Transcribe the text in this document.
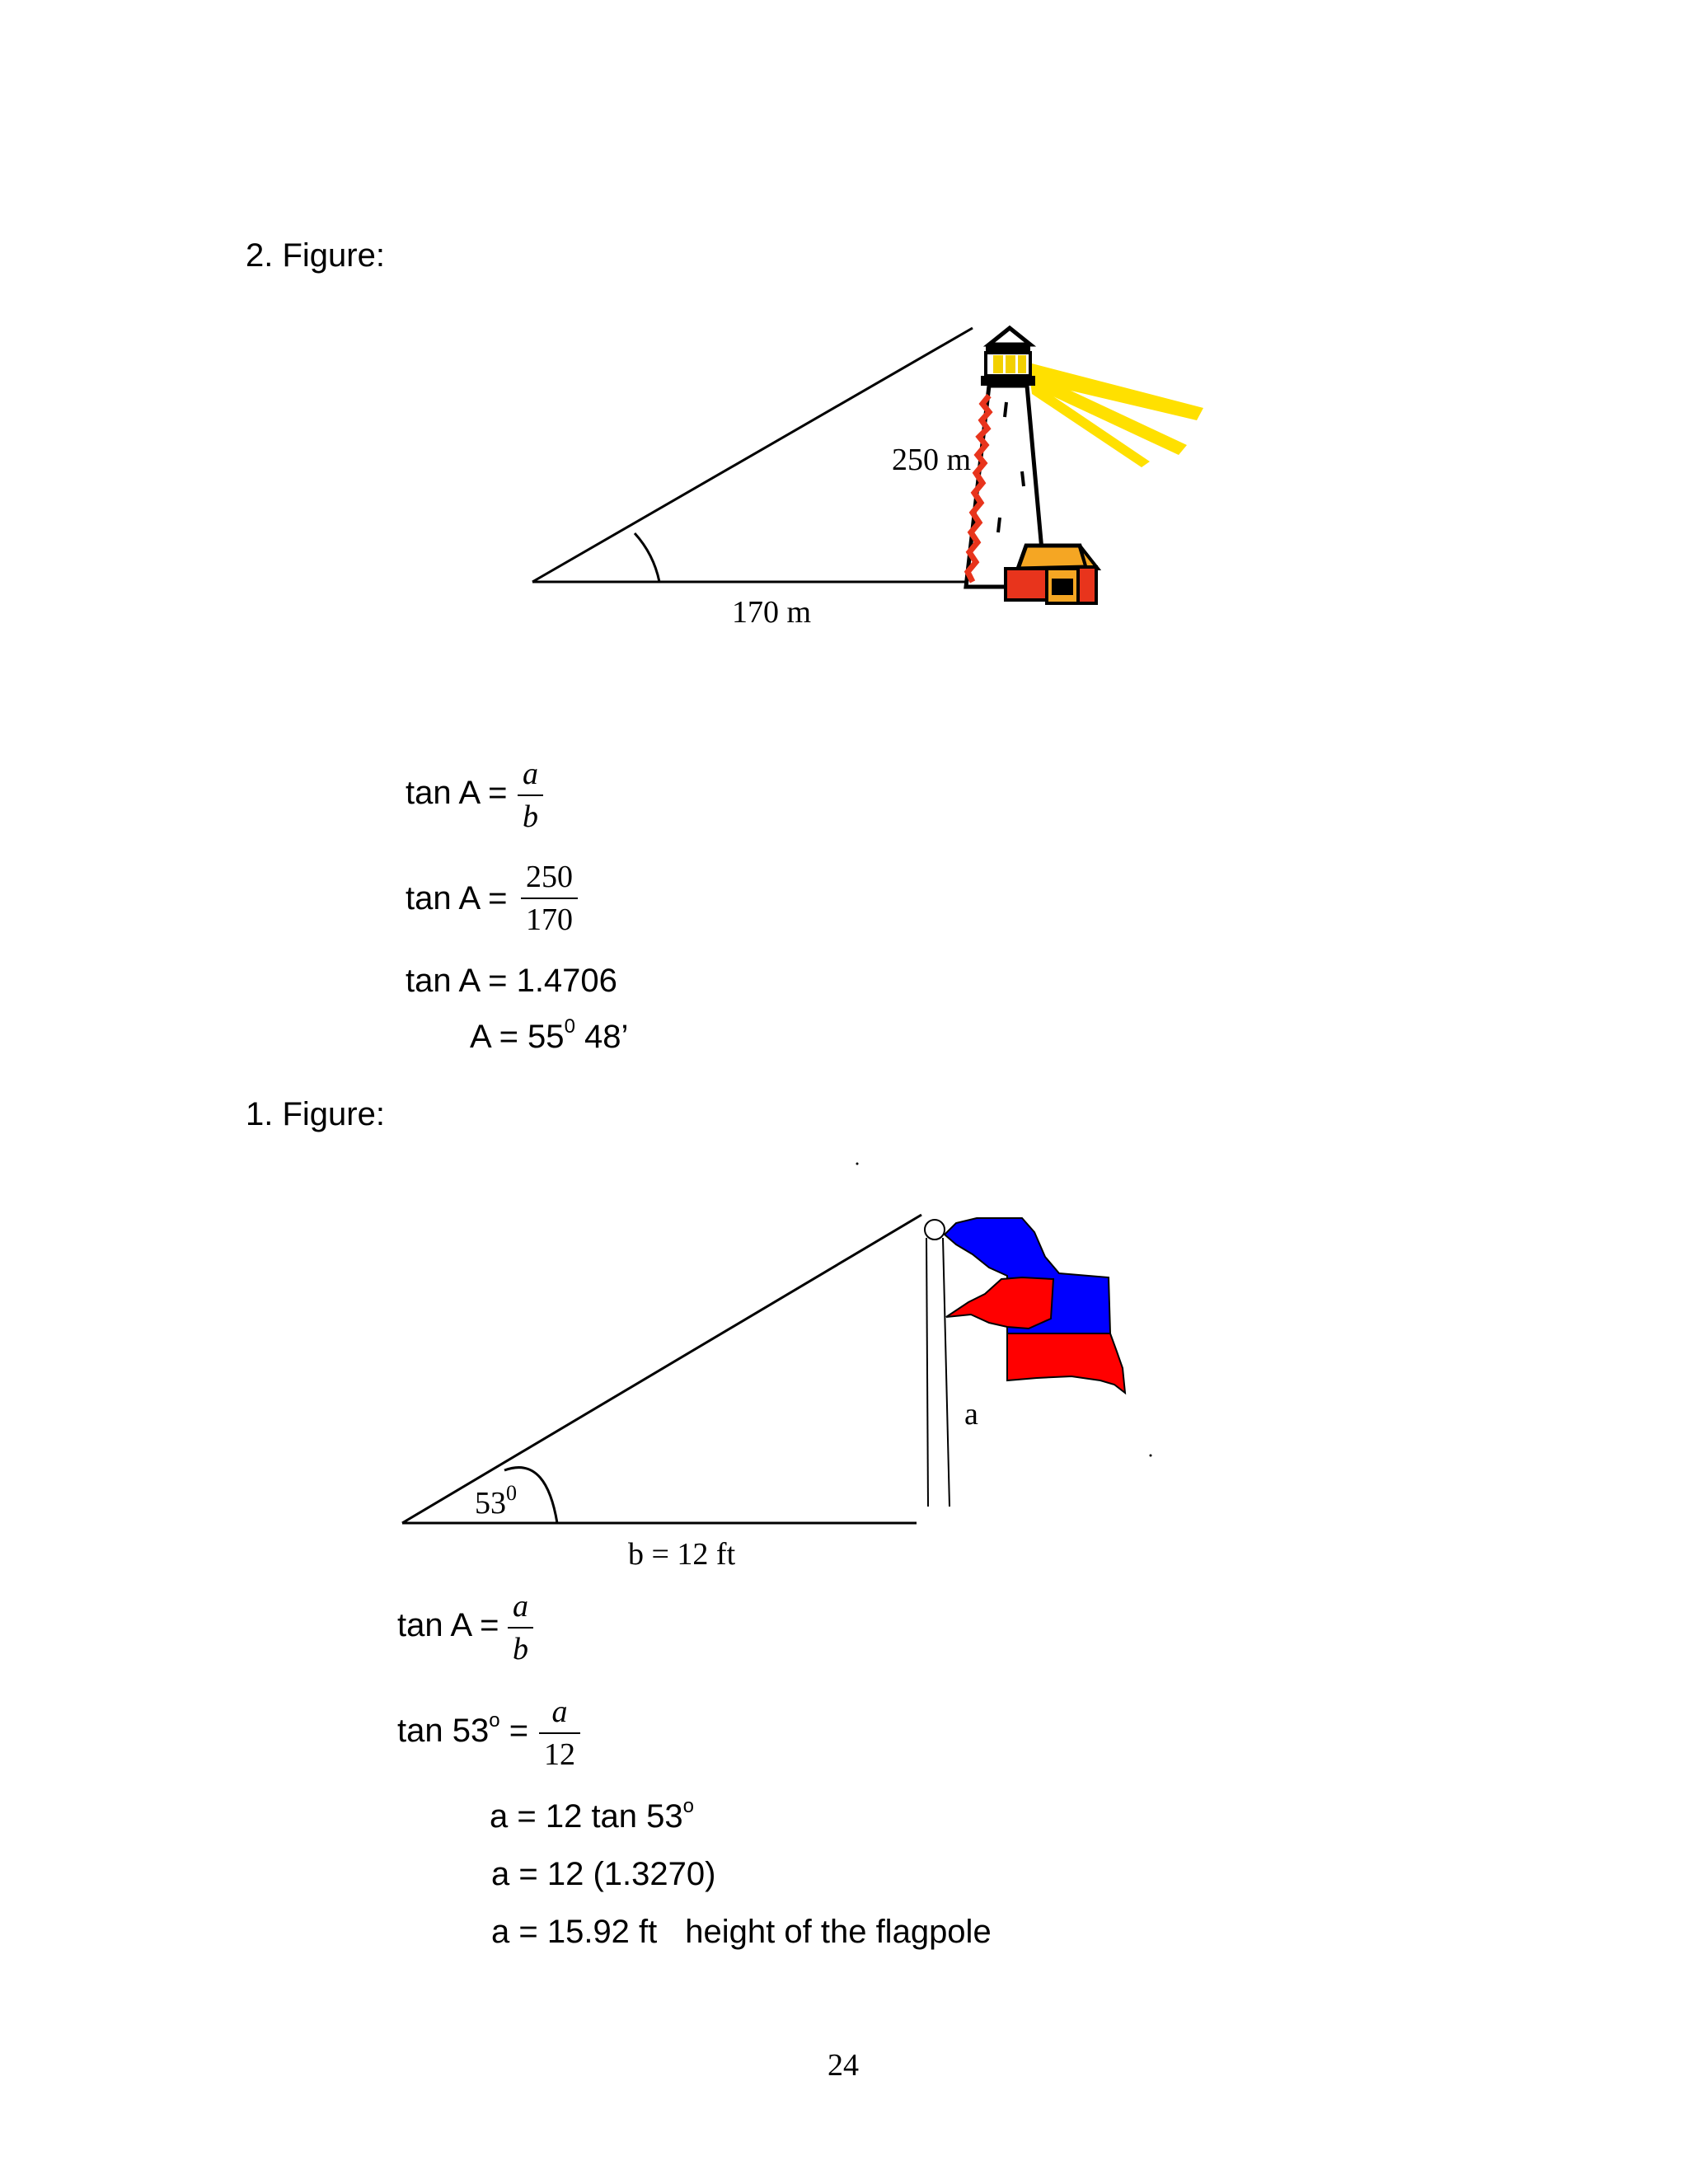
2. Figure:
250 m
170 m
tan A =
a
b
tan A =
250
170
tan A = 1.4706
$A = 55^0$ 48’
1. Figure:
$53^0$
a
b = 12 ft
tan A =
a
b
$\tan 53^o$ =
a
12
a = 12 tan 53$^o$
a = 12 (1.3270)
a = 15.92 ft height of the flagpole
24
